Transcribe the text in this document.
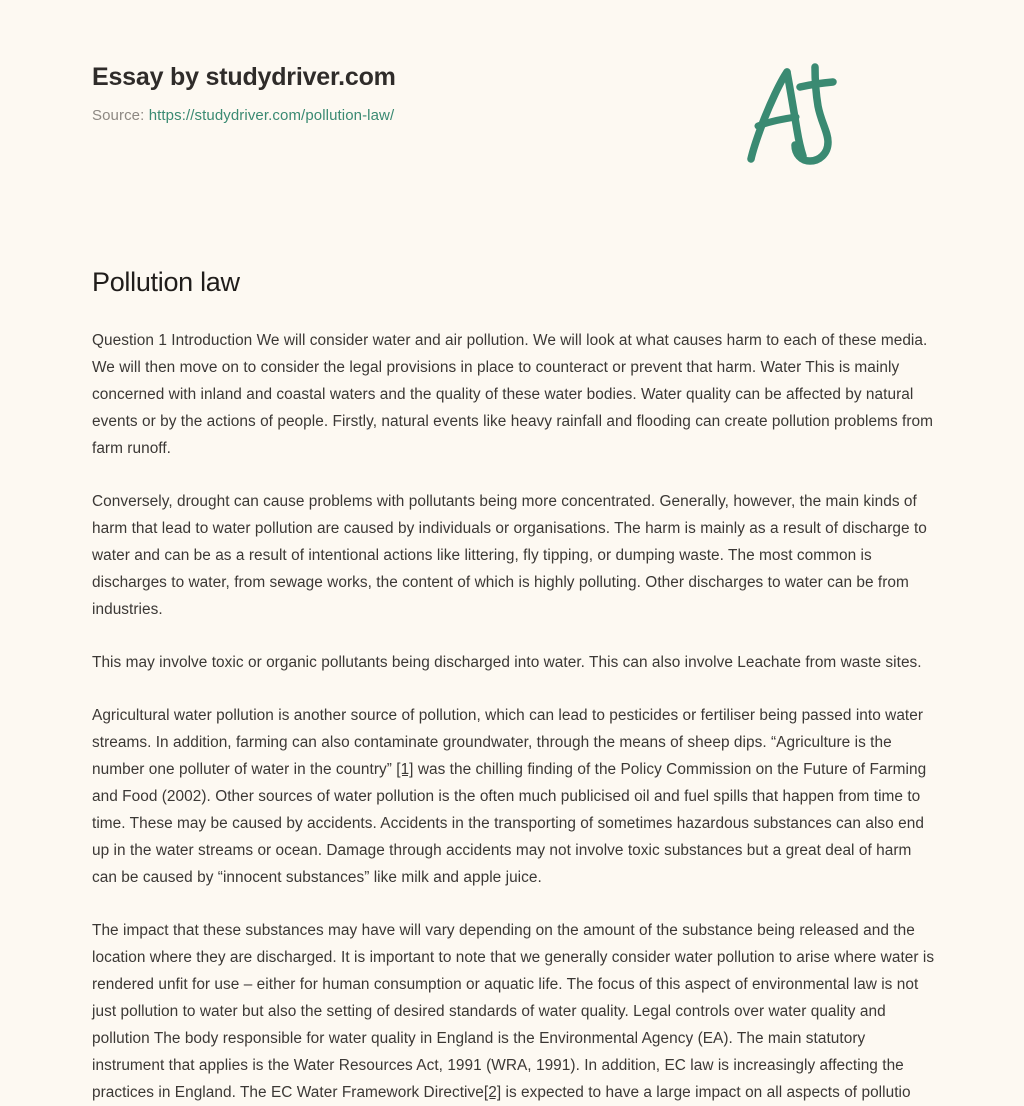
Essay by studydriver.com
Source: https://studydriver.com/pollution-law/
Pollution law

Question 1 Introduction We will consider water and air pollution. We will look at what causes harm to each of these media. We will then move on to consider the legal provisions in place to counteract or prevent that harm. Water This is mainly concerned with inland and coastal waters and the quality of these water bodies. Water quality can be affected by natural events or by the actions of people. Firstly, natural events like heavy rainfall and flooding can create pollution problems from farm runoff.

Conversely, drought can cause problems with pollutants being more concentrated. Generally, however, the main kinds of harm that lead to water pollution are caused by individuals or organisations. The harm is mainly as a result of discharge to water and can be as a result of intentional actions like littering, fly tipping, or dumping waste. The most common is discharges to water, from sewage works, the content of which is highly polluting. Other discharges to water can be from industries.

This may involve toxic or organic pollutants being discharged into water. This can also involve Leachate from waste sites.

Agricultural water pollution is another source of pollution, which can lead to pesticides or fertiliser being passed into water streams. In addition, farming can also contaminate groundwater, through the means of sheep dips. “Agriculture is the number one polluter of water in the country” [1] was the chilling finding of the Policy Commission on the Future of Farming and Food (2002). Other sources of water pollution is the often much publicised oil and fuel spills that happen from time to time. These may be caused by accidents. Accidents in the transporting of sometimes hazardous substances can also end up in the water streams or ocean. Damage through accidents may not involve toxic substances but a great deal of harm can be caused by “innocent substances” like milk and apple juice.

The impact that these substances may have will vary depending on the amount of the substance being released and the location where they are discharged. It is important to note that we generally consider water pollution to arise where water is rendered unfit for use – either for human consumption or aquatic life. The focus of this aspect of environmental law is not just pollution to water but also the setting of desired standards of water quality. Legal controls over water quality and pollution The body responsible for water quality in England is the Environmental Agency (EA). The main statutory instrument that applies is the Water Resources Act, 1991 (WRA, 1991). In addition, EC law is increasingly affecting the practices in England. The EC Water Framework Directive[2] is expected to have a large impact on all aspects of pollutio
